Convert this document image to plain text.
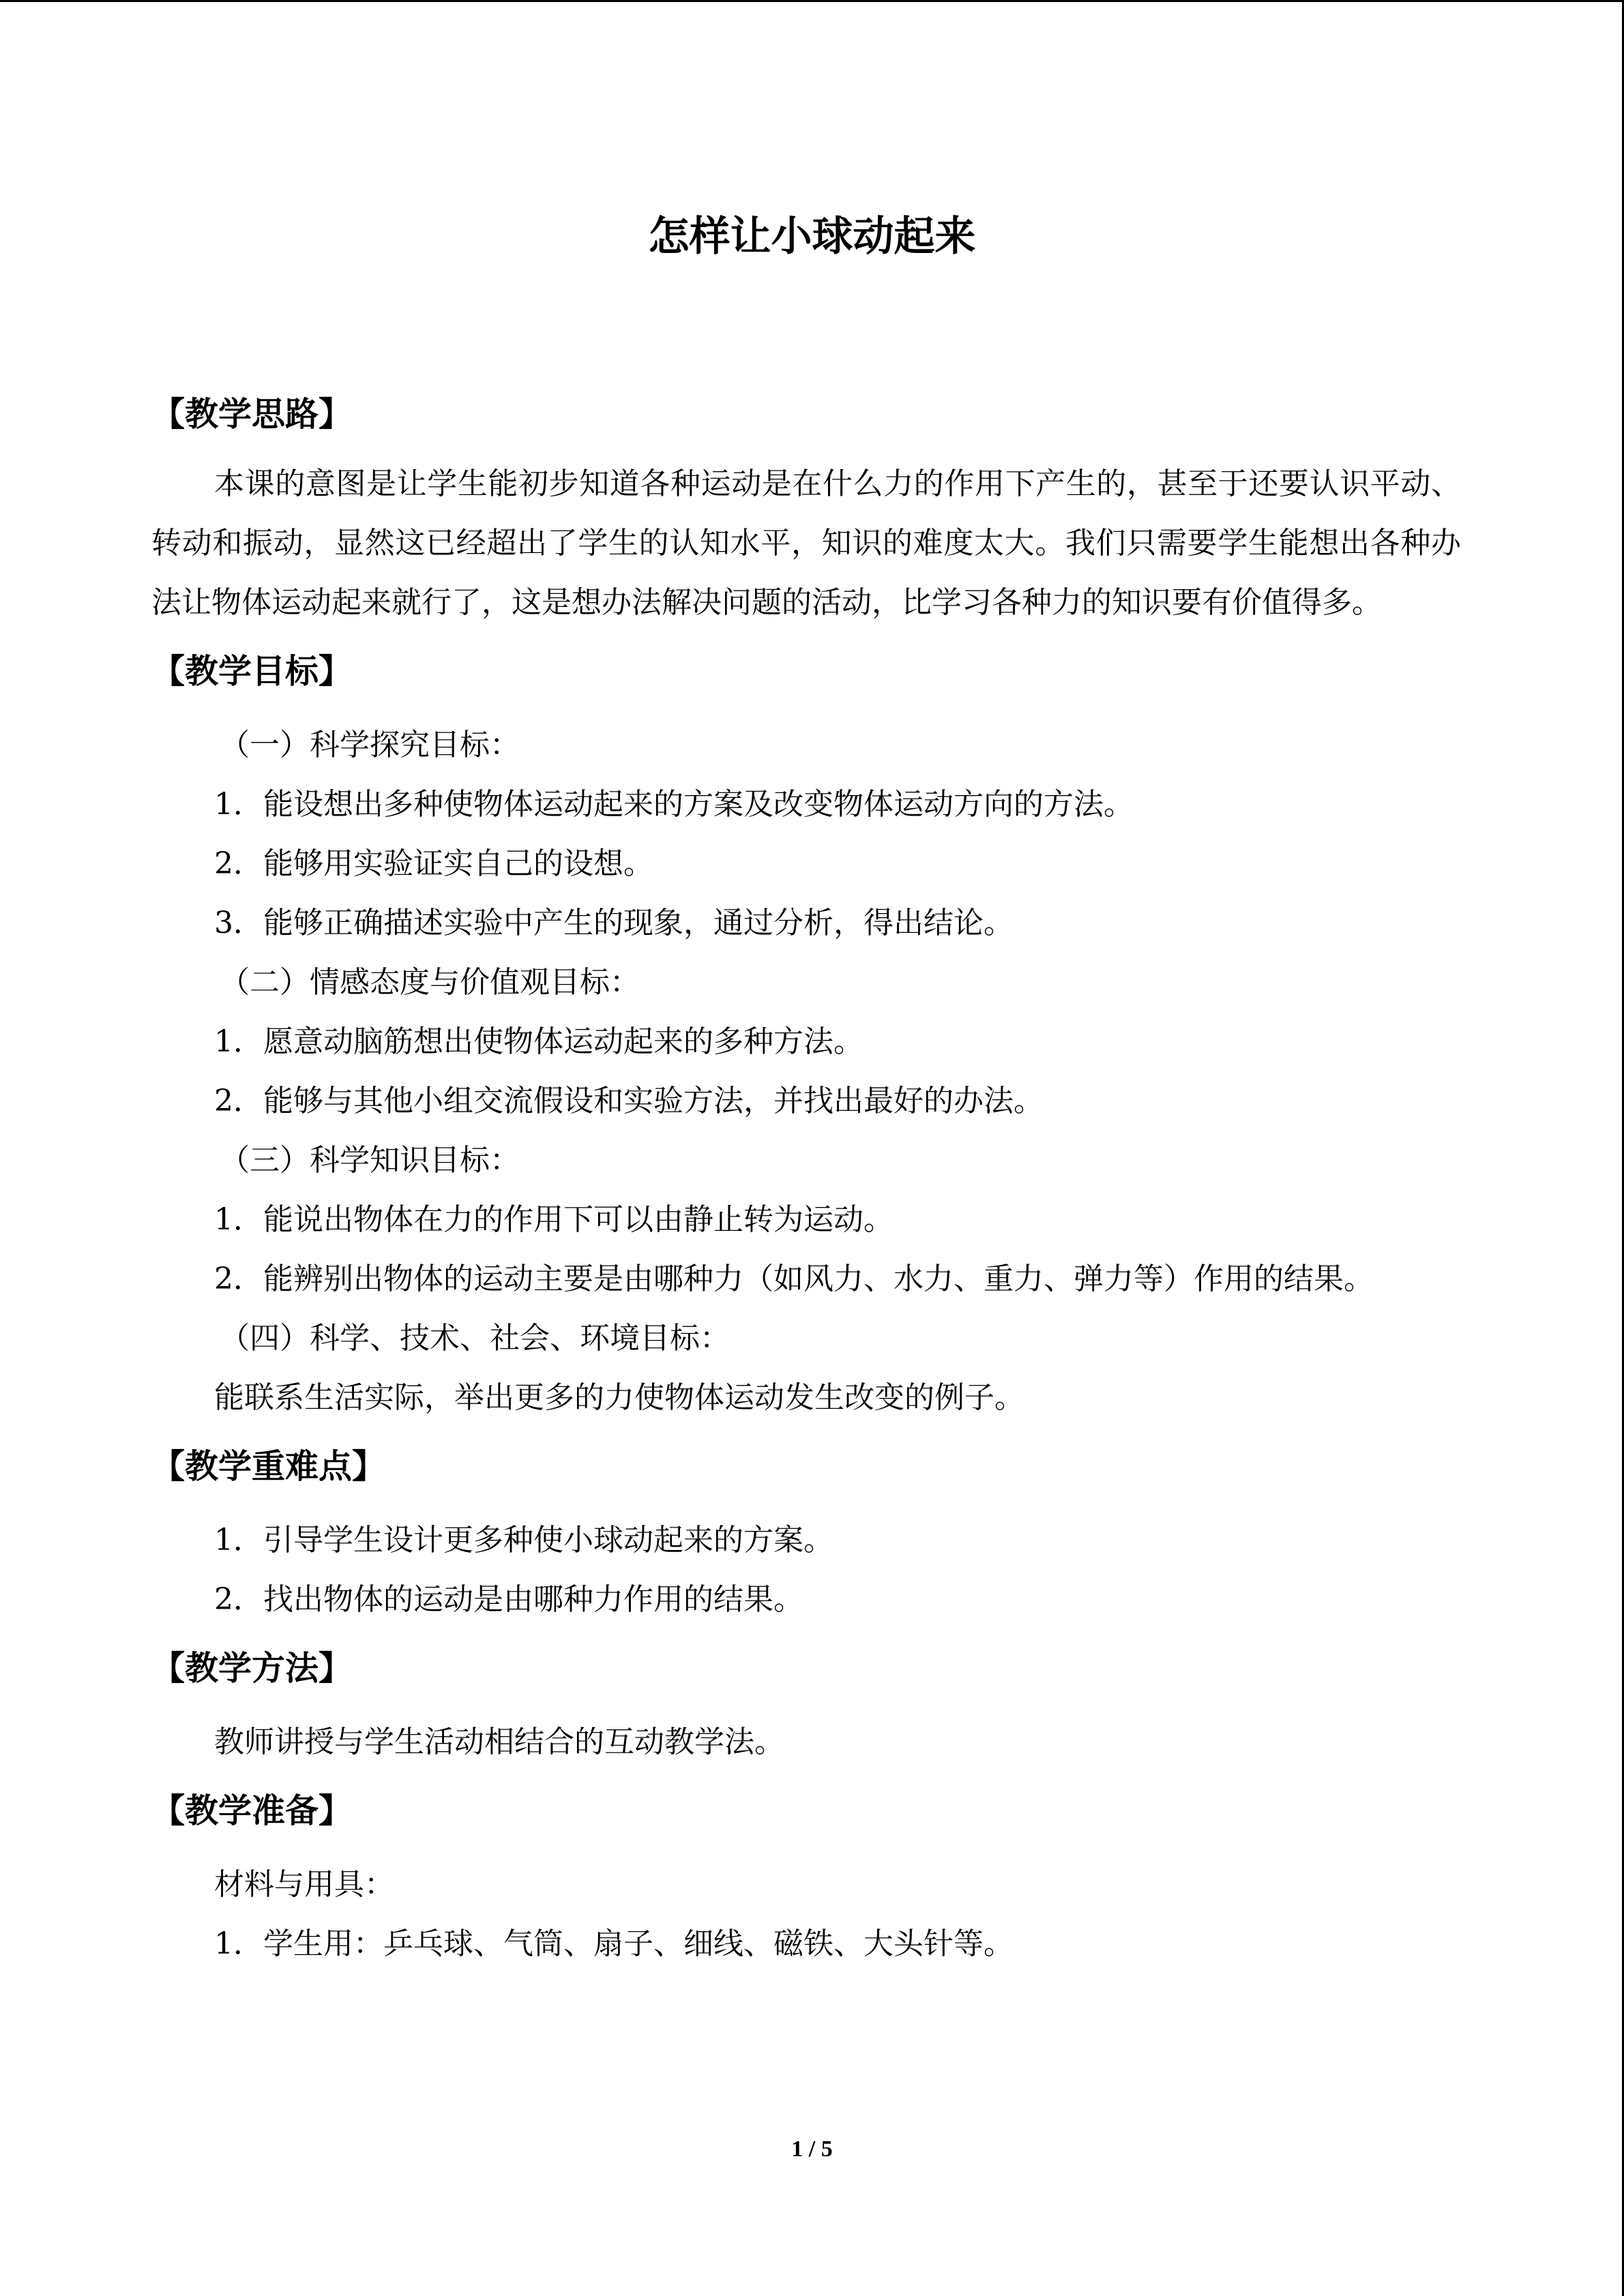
怎样让小球动起来
【教学思路】

本课的意图是让学生能初步知道各种运动是在什么力的作用下产生的，甚至于还要认识平动、转动和振动，显然这已经超出了学生的认知水平，知识的难度太大。我们只需要学生能想出各种办法让物体运动起来就行了，这是想办法解决问题的活动，比学习各种力的知识要有价值得多。

【教学目标】
（一）科学探究目标：
1．能设想出多种使物体运动起来的方案及改变物体运动方向的方法。
2．能够用实验证实自己的设想。
3．能够正确描述实验中产生的现象，通过分析，得出结论。
（二）情感态度与价值观目标：
1．愿意动脑筋想出使物体运动起来的多种方法。
2．能够与其他小组交流假设和实验方法，并找出最好的办法。
（三）科学知识目标：
1．能说出物体在力的作用下可以由静止转为运动。
2．能辨别出物体的运动主要是由哪种力（如风力、水力、重力、弹力等）作用的结果。
（四）科学、技术、社会、环境目标：
能联系生活实际，举出更多的力使物体运动发生改变的例子。
【教学重难点】
1．引导学生设计更多种使小球动起来的方案。
2．找出物体的运动是由哪种力作用的结果。
【教学方法】
教师讲授与学生活动相结合的互动教学法。
【教学准备】
材料与用具：
1．学生用：乒乓球、气筒、扇子、细线、磁铁、大头针等。
1 / 5
